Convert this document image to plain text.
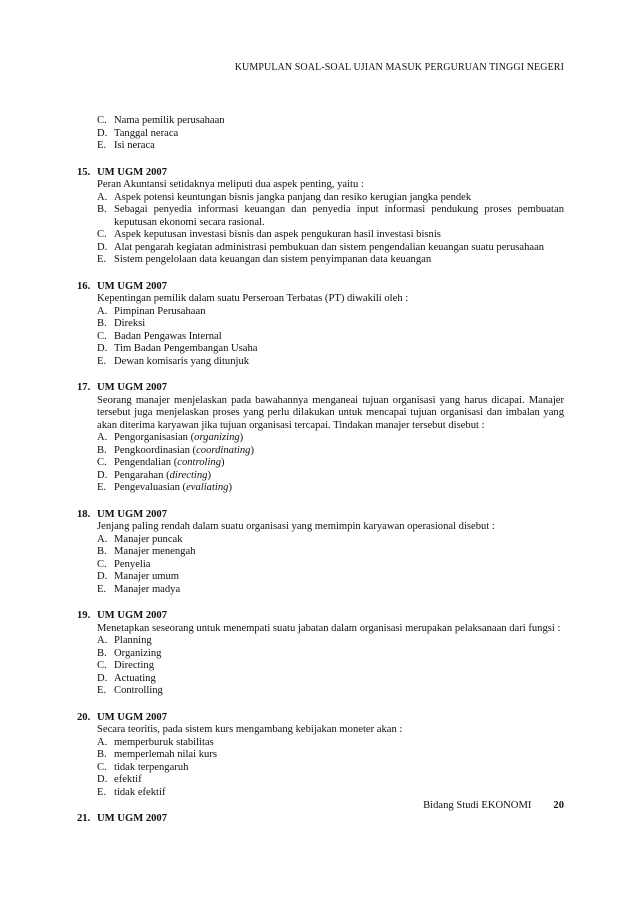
KUMPULAN SOAL-SOAL UJIAN MASUK PERGURUAN TINGGI NEGERI
C. Nama pemilik perusahaan
D. Tanggal neraca
E. Isi neraca
15. UM UGM 2007
Peran Akuntansi setidaknya meliputi dua aspek penting, yaitu :
A. Aspek potensi keuntungan bisnis jangka panjang dan resiko kerugian jangka pendek
B. Sebagai penyedia informasi keuangan dan penyedia input informasi pendukung proses pembuatan
keputusan ekonomi secara rasional.
C. Aspek keputusan investasi bisnis dan aspek pengukuran hasil investasi bisnis
D. Alat pengarah kegiatan administrasi pembukuan dan sistem pengendalian keuangan suatu perusahaan
E. Sistem pengelolaan data keuangan dan sistem penyimpanan data keuangan
16. UM UGM 2007
Kepentingan pemilik dalam suatu Perseroan Terbatas (PT) diwakili oleh :
A. Pimpinan Perusahaan
B. Direksi
C. Badan Pengawas Internal
D. Tim Badan Pengembangan Usaha
E. Dewan komisaris yang ditunjuk
17. UM UGM 2007
Seorang manajer menjelaskan pada bawahannya menganeai tujuan organisasi yang harus dicapai. Manajer
tersebut juga menjelaskan proses yang perlu dilakukan untuk mencapai tujuan organisasi dan imbalan yang
akan diterima karyawan jika tujuan organisasi tercapai. Tindakan manajer tersebut disebut :
A. Pengorganisasian (organizing)
B. Pengkoordinasian (coordinating)
C. Pengendalian (controling)
D. Pengarahan (directing)
E. Pengevaluasian (evaliating)
18. UM UGM 2007
Jenjang paling rendah dalam suatu organisasi yang memimpin karyawan operasional disebut :
A. Manajer puncak
B. Manajer menengah
C. Penyelia
D. Manajer umum
E. Manajer madya
19. UM UGM 2007
Menetapkan seseorang untuk menempati suatu jabatan dalam organisasi merupakan pelaksanaan dari fungsi :
A. Planning
B. Organizing
C. Directing
D. Actuating
E. Controlling
20. UM UGM 2007
Secara teoritis, pada sistem kurs mengambang kebijakan moneter akan :
A. memperburuk stabilitas
B. memperlemah nilai kurs
C. tidak terpengaruh
D. efektif
E. tidak efektif
21. UM UGM 2007
Bidang Studi EKONOMI 20
